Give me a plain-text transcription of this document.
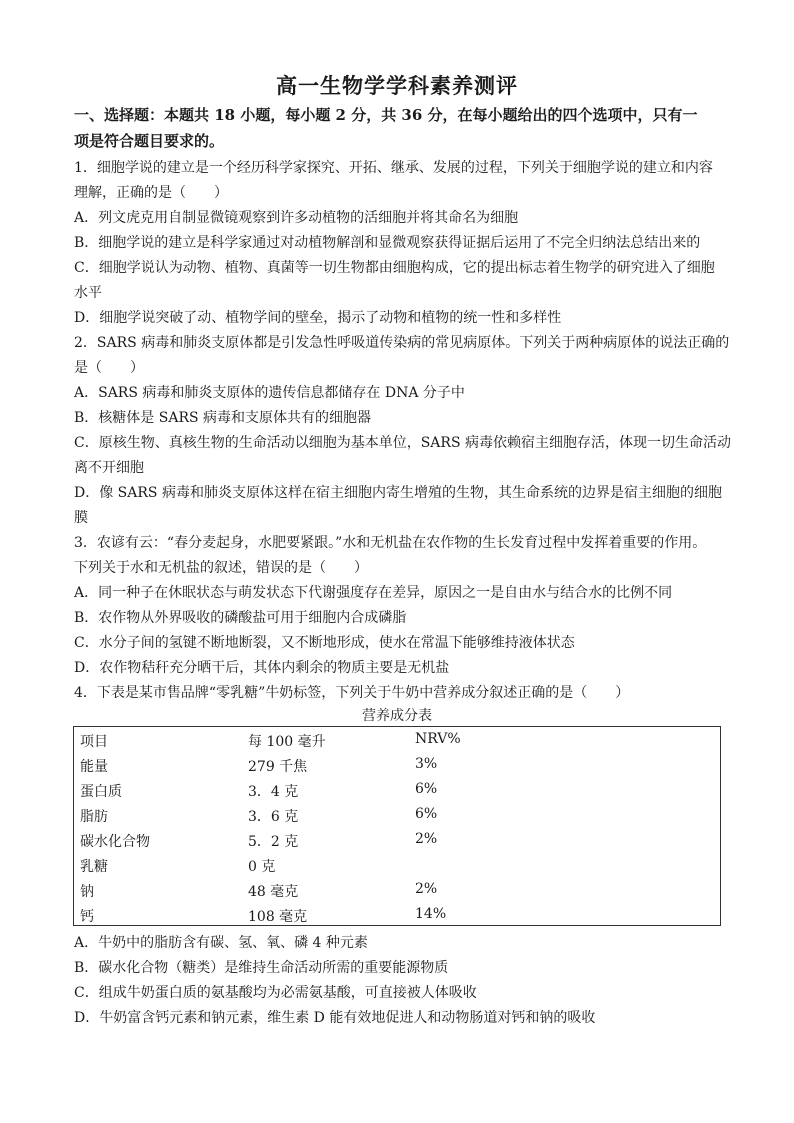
高一生物学学科素养测评
一、选择题：本题共 18 小题，每小题 2 分，共 36 分，在每小题给出的四个选项中，只有一
项是符合题目要求的。
1．细胞学说的建立是一个经历科学家探究、开拓、继承、发展的过程，下列关于细胞学说的建立和内容
理解，正确的是（　　）
A．列文虎克用自制显微镜观察到许多动植物的活细胞并将其命名为细胞
B．细胞学说的建立是科学家通过对动植物解剖和显微观察获得证据后运用了不完全归纳法总结出来的
C．细胞学说认为动物、植物、真菌等一切生物都由细胞构成，它的提出标志着生物学的研究进入了细胞
水平
D．细胞学说突破了动、植物学间的壁垒，揭示了动物和植物的统一性和多样性
2．SARS 病毒和肺炎支原体都是引发急性呼吸道传染病的常见病原体。下列关于两种病原体的说法正确的
是（　　）
A．SARS 病毒和肺炎支原体的遗传信息都储存在 DNA 分子中
B．核糖体是 SARS 病毒和支原体共有的细胞器
C．原核生物、真核生物的生命活动以细胞为基本单位，SARS 病毒依赖宿主细胞存活，体现一切生命活动
离不开细胞
D．像 SARS 病毒和肺炎支原体这样在宿主细胞内寄生增殖的生物，其生命系统的边界是宿主细胞的细胞
膜
3．农谚有云：“春分麦起身，水肥要紧跟。”水和无机盐在农作物的生长发育过程中发挥着重要的作用。
下列关于水和无机盐的叙述，错误的是（　　）
A．同一种子在休眠状态与萌发状态下代谢强度存在差异，原因之一是自由水与结合水的比例不同
B．农作物从外界吸收的磷酸盐可用于细胞内合成磷脂
C．水分子间的氢键不断地断裂，又不断地形成，使水在常温下能够维持液体状态
D．农作物秸秆充分晒干后，其体内剩余的物质主要是无机盐
4．下表是某市售品牌“零乳糖”牛奶标签，下列关于牛奶中营养成分叙述正确的是（　　）
营养成分表
项目	每 100 毫升	NRV%
能量	279 千焦	3%
蛋白质	3．4 克	6%
脂肪	3．6 克	6%
碳水化合物	5．2 克	2%
乳糖	0 克
钠	48 毫克	2%
钙	108 毫克	14%
A．牛奶中的脂肪含有碳、氢、氧、磷 4 种元素
B．碳水化合物（糖类）是维持生命活动所需的重要能源物质
C．组成牛奶蛋白质的氨基酸均为必需氨基酸，可直接被人体吸收
D．牛奶富含钙元素和钠元素，维生素 D 能有效地促进人和动物肠道对钙和钠的吸收
